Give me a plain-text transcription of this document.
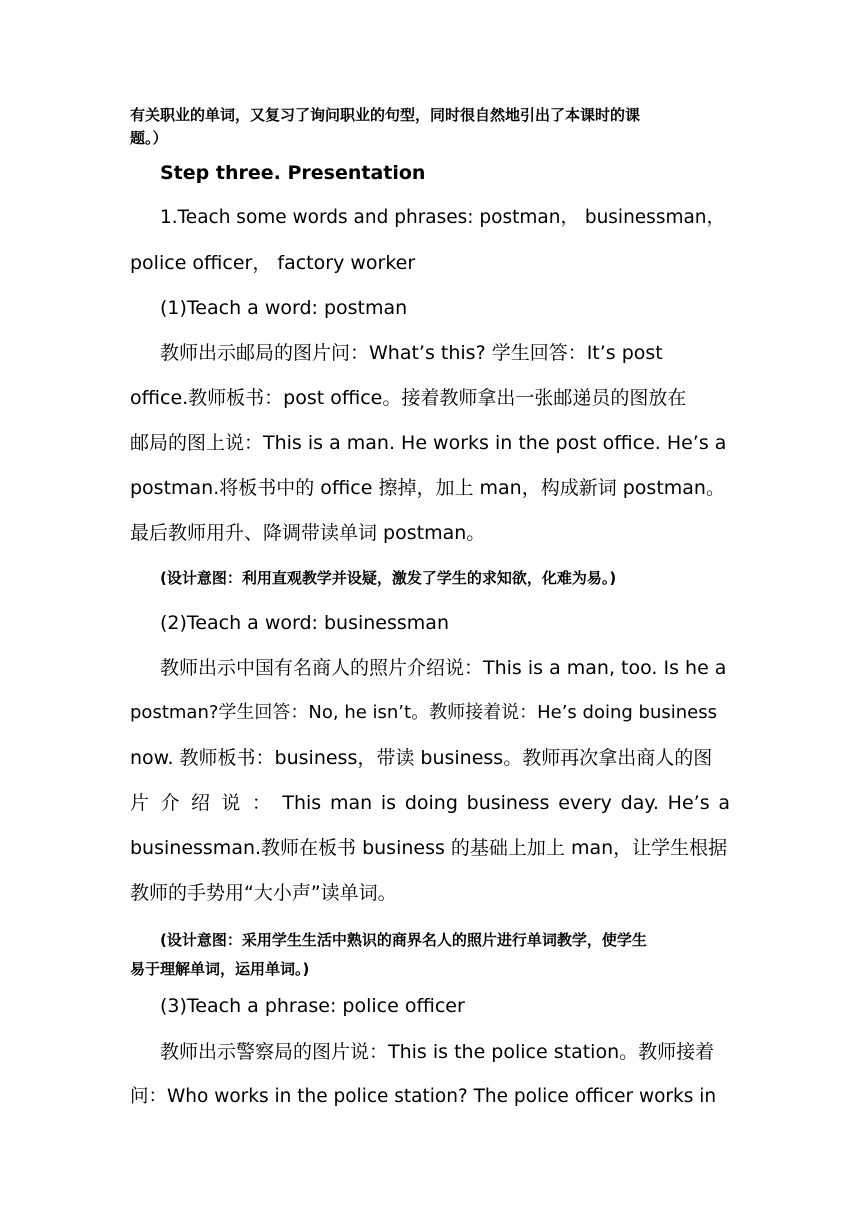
有关职业的单词，又复习了询问职业的句型，同时很自然地引出了本课时的课
题。）
Step three. Presentation
1.Teach some words and phrases: postman， businessman，
police officer， factory worker
(1)Teach a word: postman
教师出示邮局的图片问：What’s this? 学生回答：It’s post
office.教师板书：post office。接着教师拿出一张邮递员的图放在
邮局的图上说：This is a man. He works in the post office. He’s a
postman.将板书中的 office 擦掉，加上 man，构成新词 postman。
最后教师用升、降调带读单词 postman。
(设计意图：利用直观教学并设疑，激发了学生的求知欲，化难为易。)
(2)Teach a word: businessman
教师出示中国有名商人的照片介绍说：This is a man, too. Is he a
postman?学生回答：No, he isn’t。教师接着说：He’s doing business
now. 教师板书：business，带读 business。教师再次拿出商人的图
片 介 绍 说 ： This man is doing business every day. He’s a
businessman.教师在板书 business 的基础上加上 man，让学生根据
教师的手势用“大小声”读单词。
(设计意图：采用学生生活中熟识的商界名人的照片进行单词教学，使学生
易于理解单词，运用单词。)
(3)Teach a phrase: police officer
教师出示警察局的图片说：This is the police station。教师接着
问：Who works in the police station? The police officer works in
